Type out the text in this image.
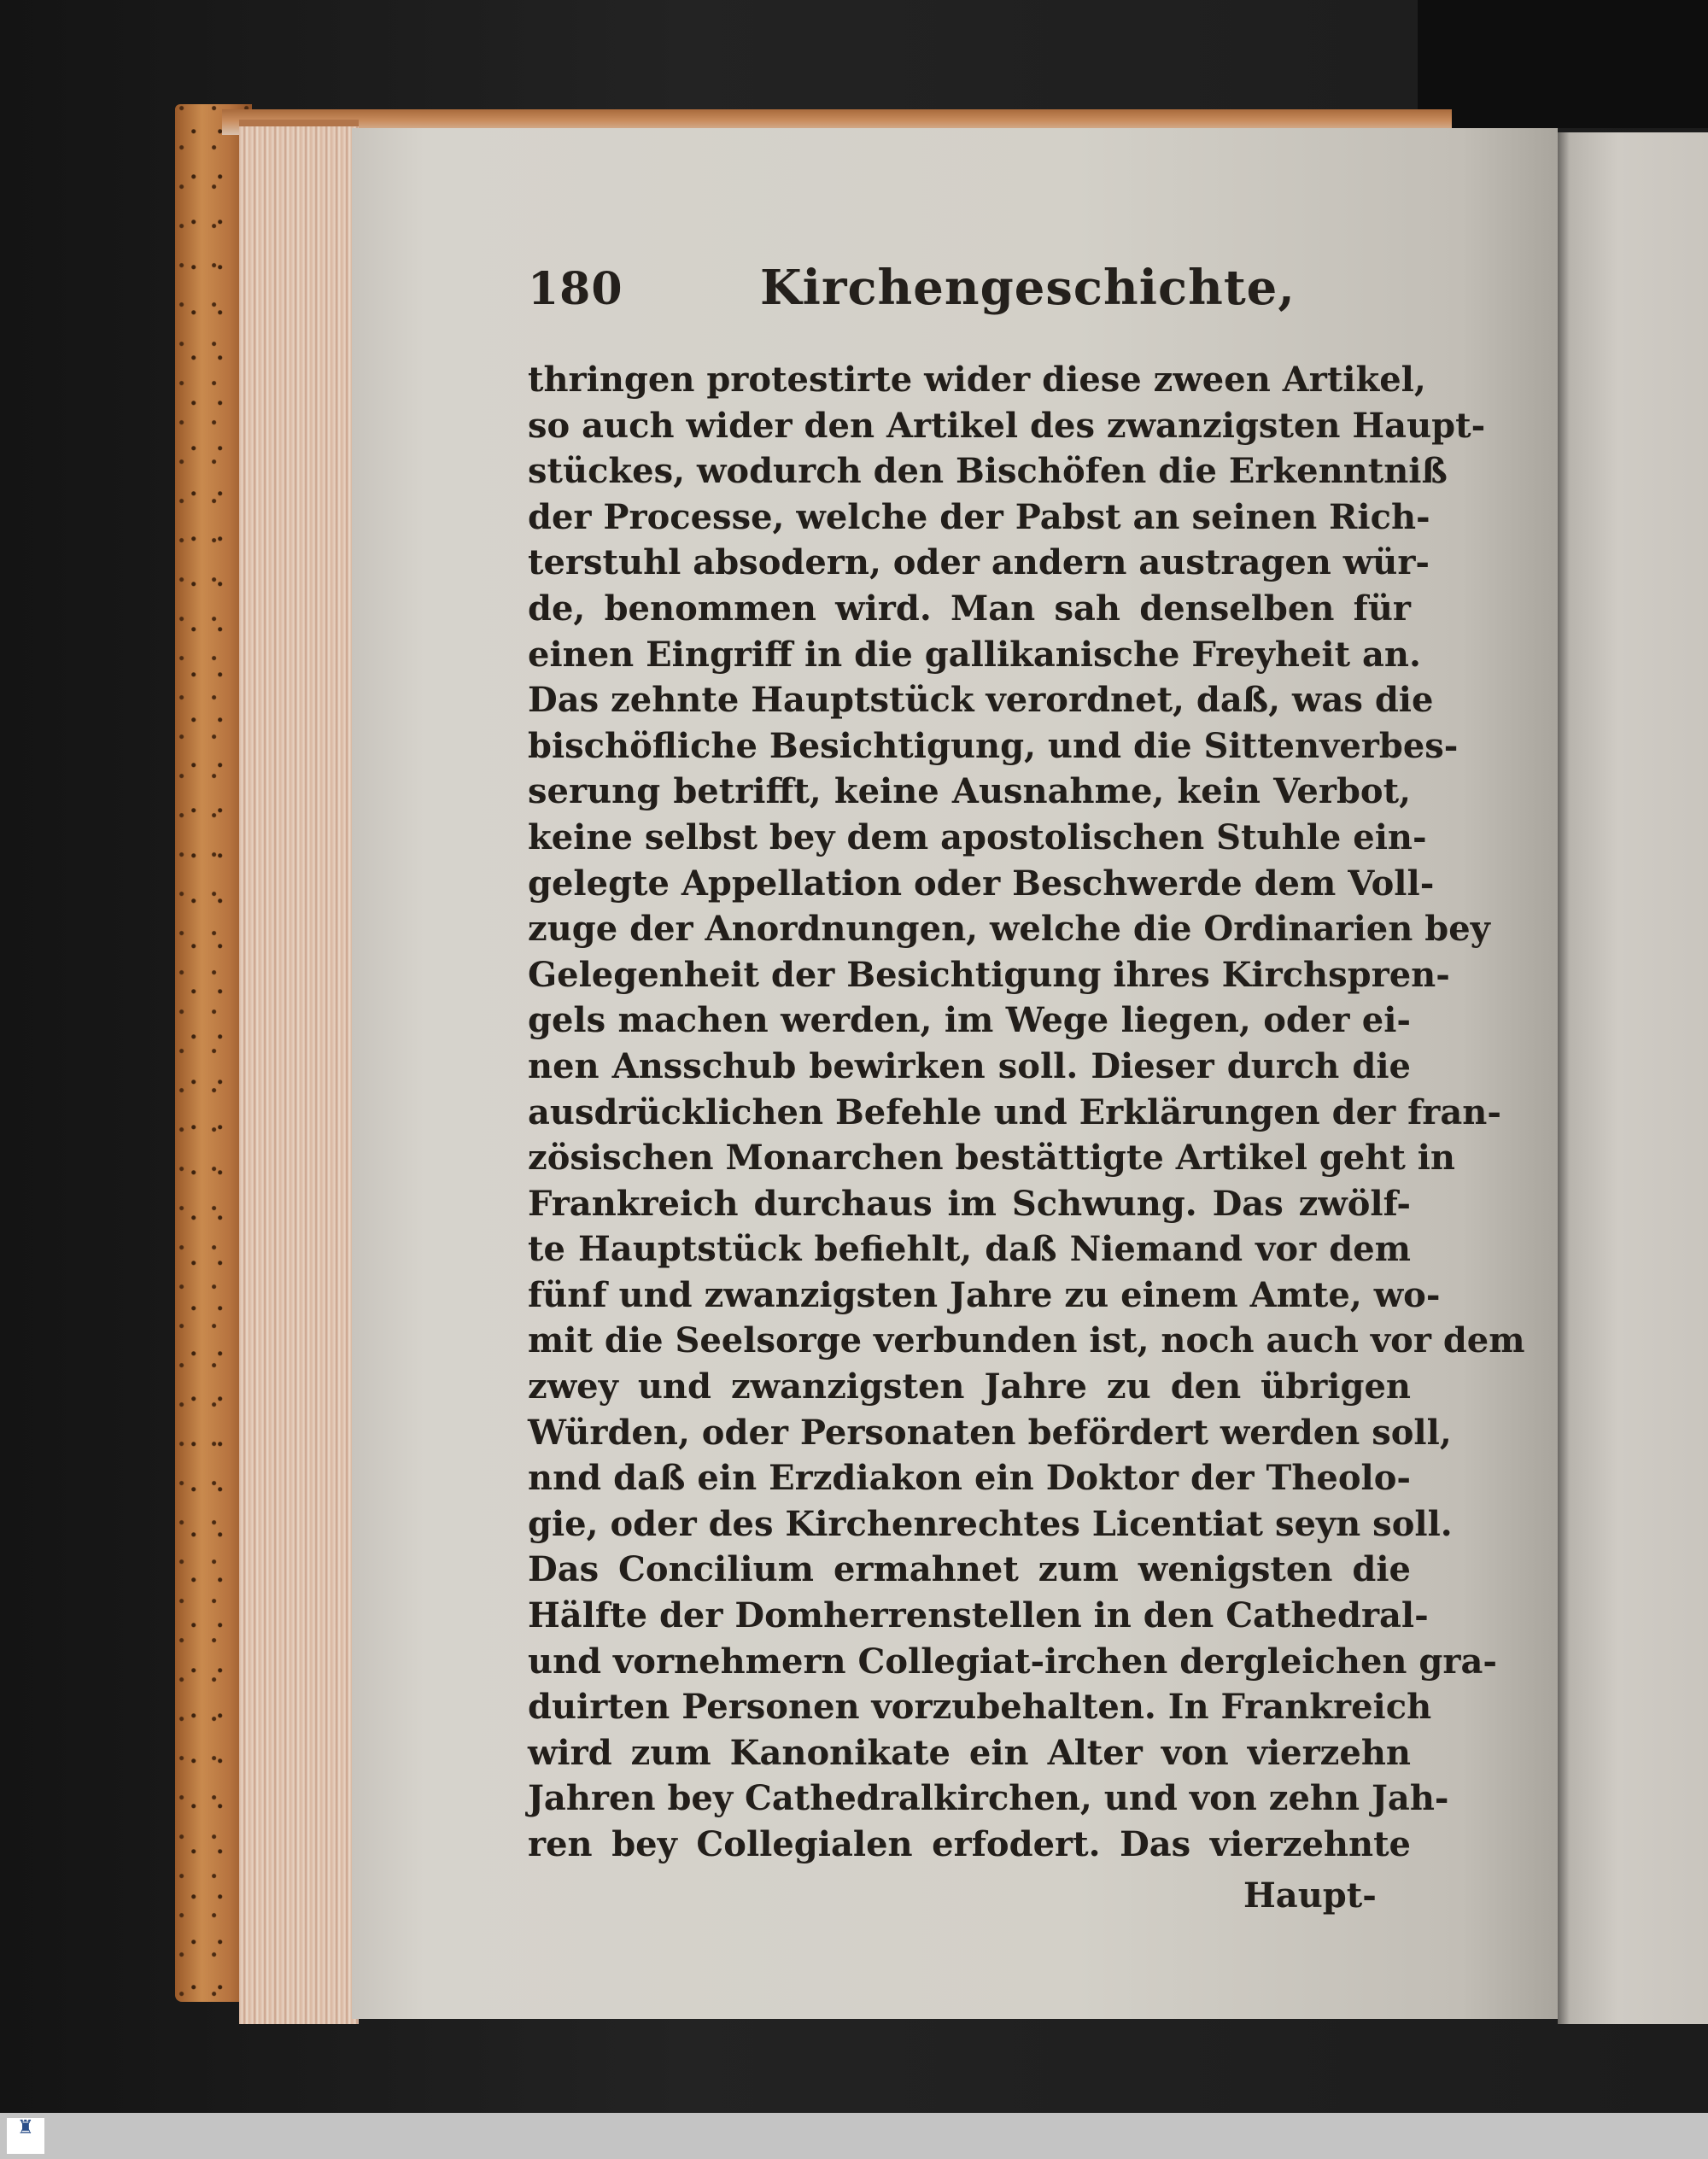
180	Kirchengeschichte,
thringen protestirte wider diese zween Artikel,
so auch wider den Artikel des zwanzigsten Haupt-
stückes, wodurch den Bischöfen die Erkenntniß
der Processe, welche der Pabst an seinen Rich-
terstuhl absodern, oder andern austragen wür-
de, benommen wird. Man sah denselben für
einen Eingriff in die gallikanische Freyheit an.
Das zehnte Hauptstück verordnet, daß, was die
bischöfliche Besichtigung, und die Sittenverbes-
serung betrifft, keine Ausnahme, kein Verbot,
keine selbst bey dem apostolischen Stuhle ein-
gelegte Appellation oder Beschwerde dem Voll-
zuge der Anordnungen, welche die Ordinarien bey
Gelegenheit der Besichtigung ihres Kirchspren-
gels machen werden, im Wege liegen, oder ei-
nen Ansschub bewirken soll. Dieser durch die
ausdrücklichen Befehle und Erklärungen der fran-
zösischen Monarchen bestättigte Artikel geht in
Frankreich durchaus im Schwung. Das zwölf-
te Hauptstück befiehlt, daß Niemand vor dem
fünf und zwanzigsten Jahre zu einem Amte, wo-
mit die Seelsorge verbunden ist, noch auch vor dem
zwey und zwanzigsten Jahre zu den übrigen
Würden, oder Personaten befördert werden soll,
nnd daß ein Erzdiakon ein Doktor der Theolo-
gie, oder des Kirchenrechtes Licentiat seyn soll.
Das Concilium ermahnet zum wenigsten die
Hälfte der Domherrenstellen in den Cathedral-
und vornehmern Collegiat-irchen dergleichen gra-
duirten Personen vorzubehalten. In Frankreich
wird zum Kanonikate ein Alter von vierzehn
Jahren bey Cathedralkirchen, und von zehn Jah-
ren bey Collegialen erfodert. Das vierzehnte
Haupt-
♜
